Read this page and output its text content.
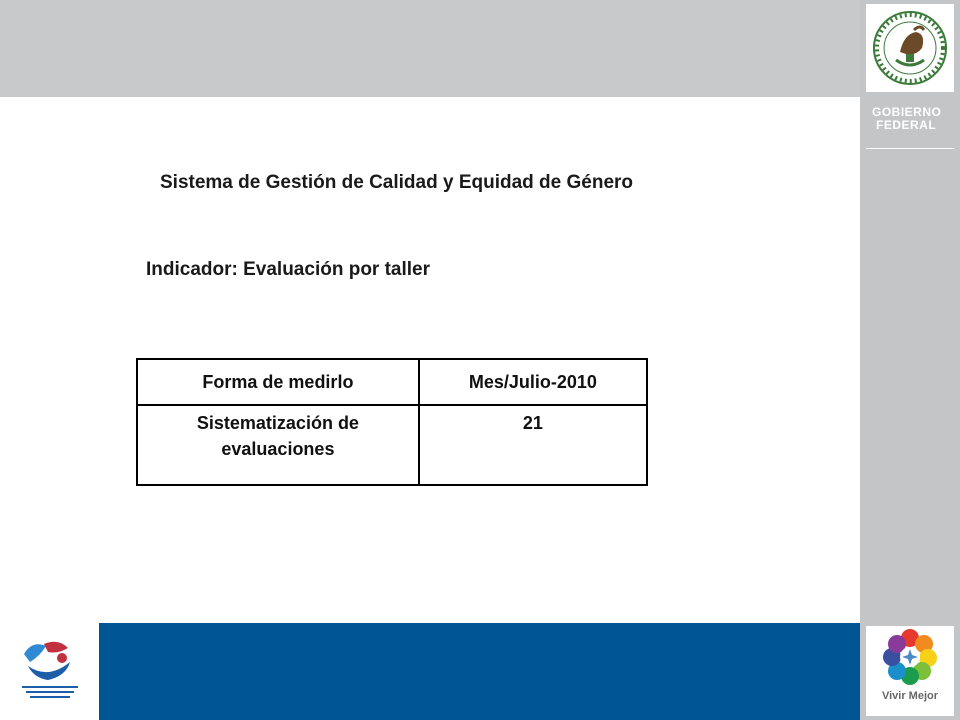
GOBIERNO
FEDERAL
Vivir Mejor
Sistema de Gestión de Calidad y Equidad de Género
Indicador: Evaluación por taller
Forma de medirlo	Mes/Julio-2010
Sistematización de evaluaciones	21
